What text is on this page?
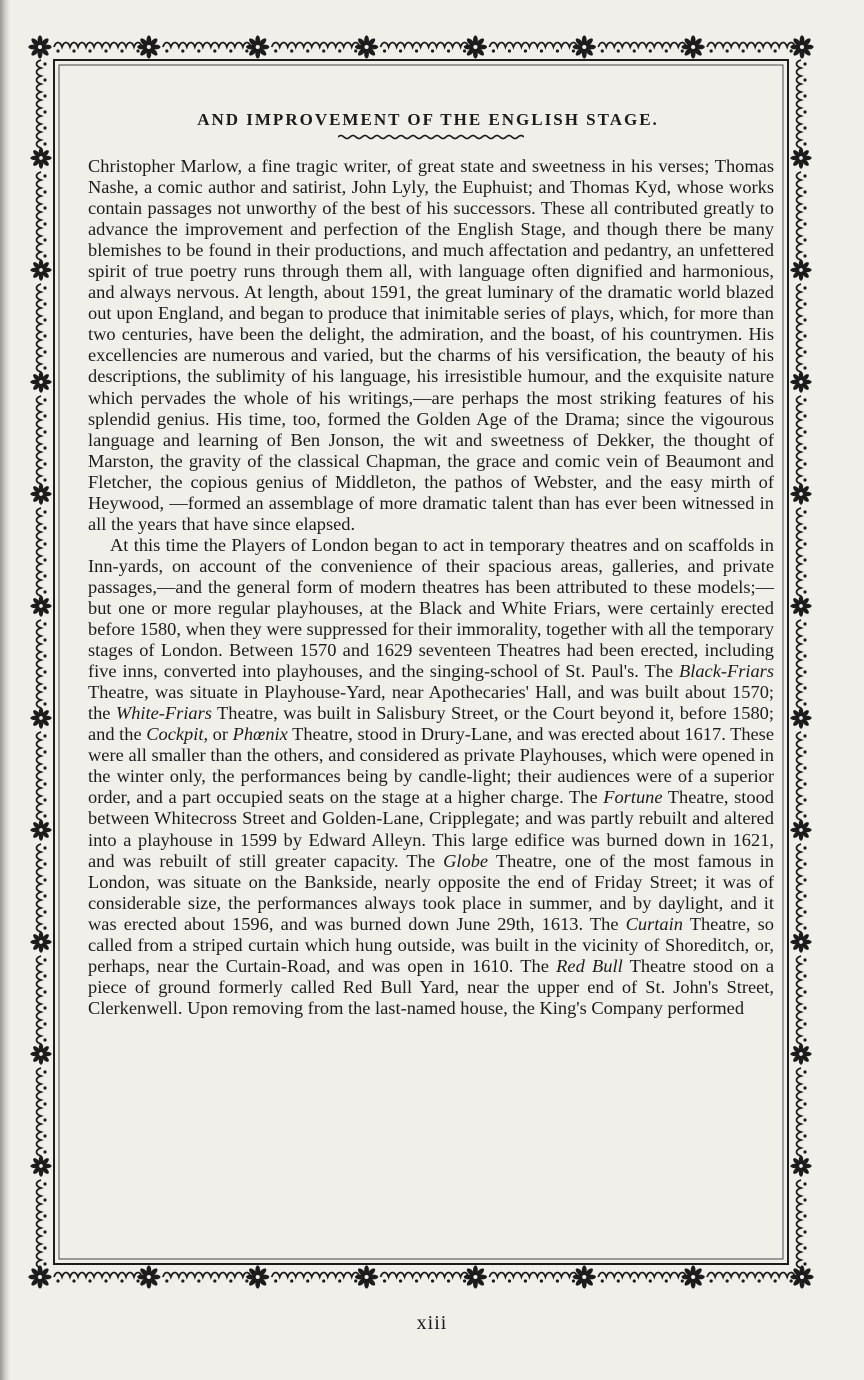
AND IMPROVEMENT OF THE ENGLISH STAGE.

Christopher Marlow, a fine tragic writer, of great state and sweetness in his verses; Thomas Nashe, a comic author and satirist, John Lyly, the Euphuist; and Thomas Kyd, whose works contain passages not unworthy of the best of his successors. These all contributed greatly to advance the improvement and perfection of the English Stage, and though there be many blemishes to be found in their productions, and much affectation and pedantry, an unfettered spirit of true poetry runs through them all, with language often dignified and harmonious, and always nervous. At length, about 1591, the great luminary of the dramatic world blazed out upon England, and began to produce that inimitable series of plays, which, for more than two centuries, have been the delight, the admiration, and the boast, of his countrymen. His excellencies are numerous and varied, but the charms of his versification, the beauty of his descriptions, the sublimity of his language, his irresistible humour, and the exquisite nature which pervades the whole of his writings,—are perhaps the most striking features of his splendid genius. His time, too, formed the Golden Age of the Drama; since the vigourous language and learning of Ben Jonson, the wit and sweetness of Dekker, the thought of Marston, the gravity of the classical Chapman, the grace and comic vein of Beaumont and Fletcher, the copious genius of Middleton, the pathos of Webster, and the easy mirth of Heywood, —formed an assemblage of more dramatic talent than has ever been witnessed in all the years that have since elapsed.

At this time the Players of London began to act in temporary theatres and on scaffolds in Inn-yards, on account of the convenience of their spacious areas, galleries, and private passages,—and the general form of modern theatres has been attributed to these models;—but one or more regular playhouses, at the Black and White Friars, were certainly erected before 1580, when they were suppressed for their immorality, together with all the temporary stages of London. Between 1570 and 1629 seventeen Theatres had been erected, including five inns, converted into playhouses, and the singing-school of St. Paul's. The Black-Friars Theatre, was situate in Playhouse-Yard, near Apothecaries' Hall, and was built about 1570; the White-Friars Theatre, was built in Salisbury Street, or the Court beyond it, before 1580; and the Cockpit, or Phœnix Theatre, stood in Drury-Lane, and was erected about 1617. These were all smaller than the others, and considered as private Playhouses, which were opened in the winter only, the performances being by candle-light; their audiences were of a superior order, and a part occupied seats on the stage at a higher charge. The Fortune Theatre, stood between Whitecross Street and Golden-Lane, Cripplegate; and was partly rebuilt and altered into a playhouse in 1599 by Edward Alleyn. This large edifice was burned down in 1621, and was rebuilt of still greater capacity. The Globe Theatre, one of the most famous in London, was situate on the Bankside, nearly opposite the end of Friday Street; it was of considerable size, the performances always took place in summer, and by daylight, and it was erected about 1596, and was burned down June 29th, 1613. The Curtain Theatre, so called from a striped curtain which hung outside, was built in the vicinity of Shoreditch, or, perhaps, near the Curtain-Road, and was open in 1610. The Red Bull Theatre stood on a piece of ground formerly called Red Bull Yard, near the upper end of St. John's Street, Clerkenwell. Upon removing from the last-named house, the King's Company performed

xiii
